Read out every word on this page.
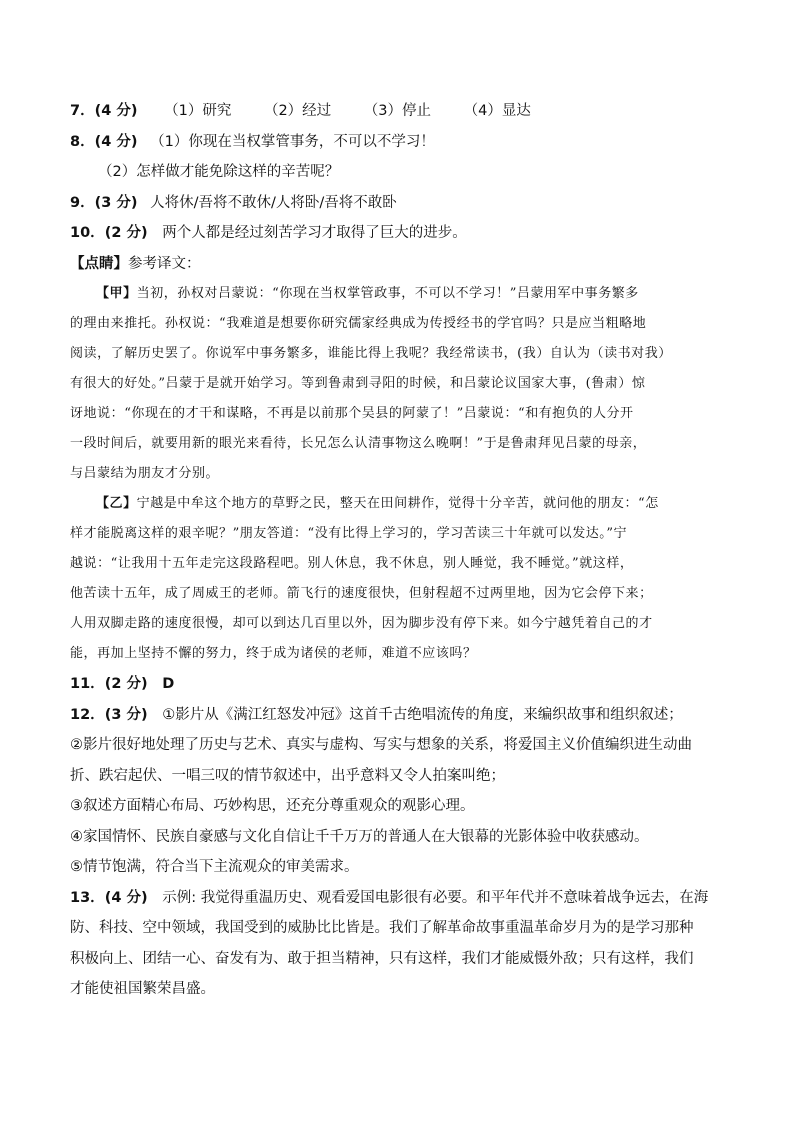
7．(4 分) （1）研究 （2）经过 （3）停止 （4）显达
8．(4 分) （1）你现在当权掌管事务，不可以不学习！
（2）怎样做才能免除这样的辛苦呢？
9．(3 分) 人将休/吾将不敢休/人将卧/吾将不敢卧
10．(2 分) 两个人都是经过刻苦学习才取得了巨大的进步。
【点睛】参考译文：
【甲】当初，孙权对吕蒙说：“你现在当权掌管政事，不可以不学习！”吕蒙用军中事务繁多
的理由来推托。孙权说：“我难道是想要你研究儒家经典成为传授经书的学官吗？只是应当粗略地
阅读，了解历史罢了。你说军中事务繁多，谁能比得上我呢？我经常读书，(我）自认为（读书对我）
有很大的好处。”吕蒙于是就开始学习。等到鲁肃到寻阳的时候，和吕蒙论议国家大事，(鲁肃）惊
讶地说：“你现在的才干和谋略，不再是以前那个吴县的阿蒙了！”吕蒙说：“和有抱负的人分开
一段时间后，就要用新的眼光来看待，长兄怎么认清事物这么晚啊！”于是鲁肃拜见吕蒙的母亲，
与吕蒙结为朋友才分别。
【乙】宁越是中牟这个地方的草野之民，整天在田间耕作，觉得十分辛苦，就问他的朋友：“怎
样才能脱离这样的艰辛呢？”朋友答道：“没有比得上学习的，学习苦读三十年就可以发达。”宁
越说：“让我用十五年走完这段路程吧。别人休息，我不休息，别人睡觉，我不睡觉。”就这样，
他苦读十五年，成了周威王的老师。箭飞行的速度很快，但射程超不过两里地，因为它会停下来；
人用双脚走路的速度很慢，却可以到达几百里以外，因为脚步没有停下来。如今宁越凭着自己的才
能，再加上坚持不懈的努力，终于成为诸侯的老师，难道不应该吗？
11．(2 分) D
12．(3 分) ①影片从《满江红怒发冲冠》这首千古绝唱流传的角度，来编织故事和组织叙述；
②影片很好地处理了历史与艺术、真实与虚构、写实与想象的关系，将爱国主义价值编织进生动曲
折、跌宕起伏、一唱三叹的情节叙述中，出乎意料又令人拍案叫绝；
③叙述方面精心布局、巧妙构思，还充分尊重观众的观影心理。
④家国情怀、民族自豪感与文化自信让千千万万的普通人在大银幕的光影体验中收获感动。
⑤情节饱满，符合当下主流观众的审美需求。
13．(4 分) 示例: 我觉得重温历史、观看爱国电影很有必要。和平年代并不意味着战争远去，在海
防、科技、空中领域，我国受到的威胁比比皆是。我们了解革命故事重温革命岁月为的是学习那种
积极向上、团结一心、奋发有为、敢于担当精神，只有这样，我们才能威慑外敌；只有这样，我们
才能使祖国繁荣昌盛。
